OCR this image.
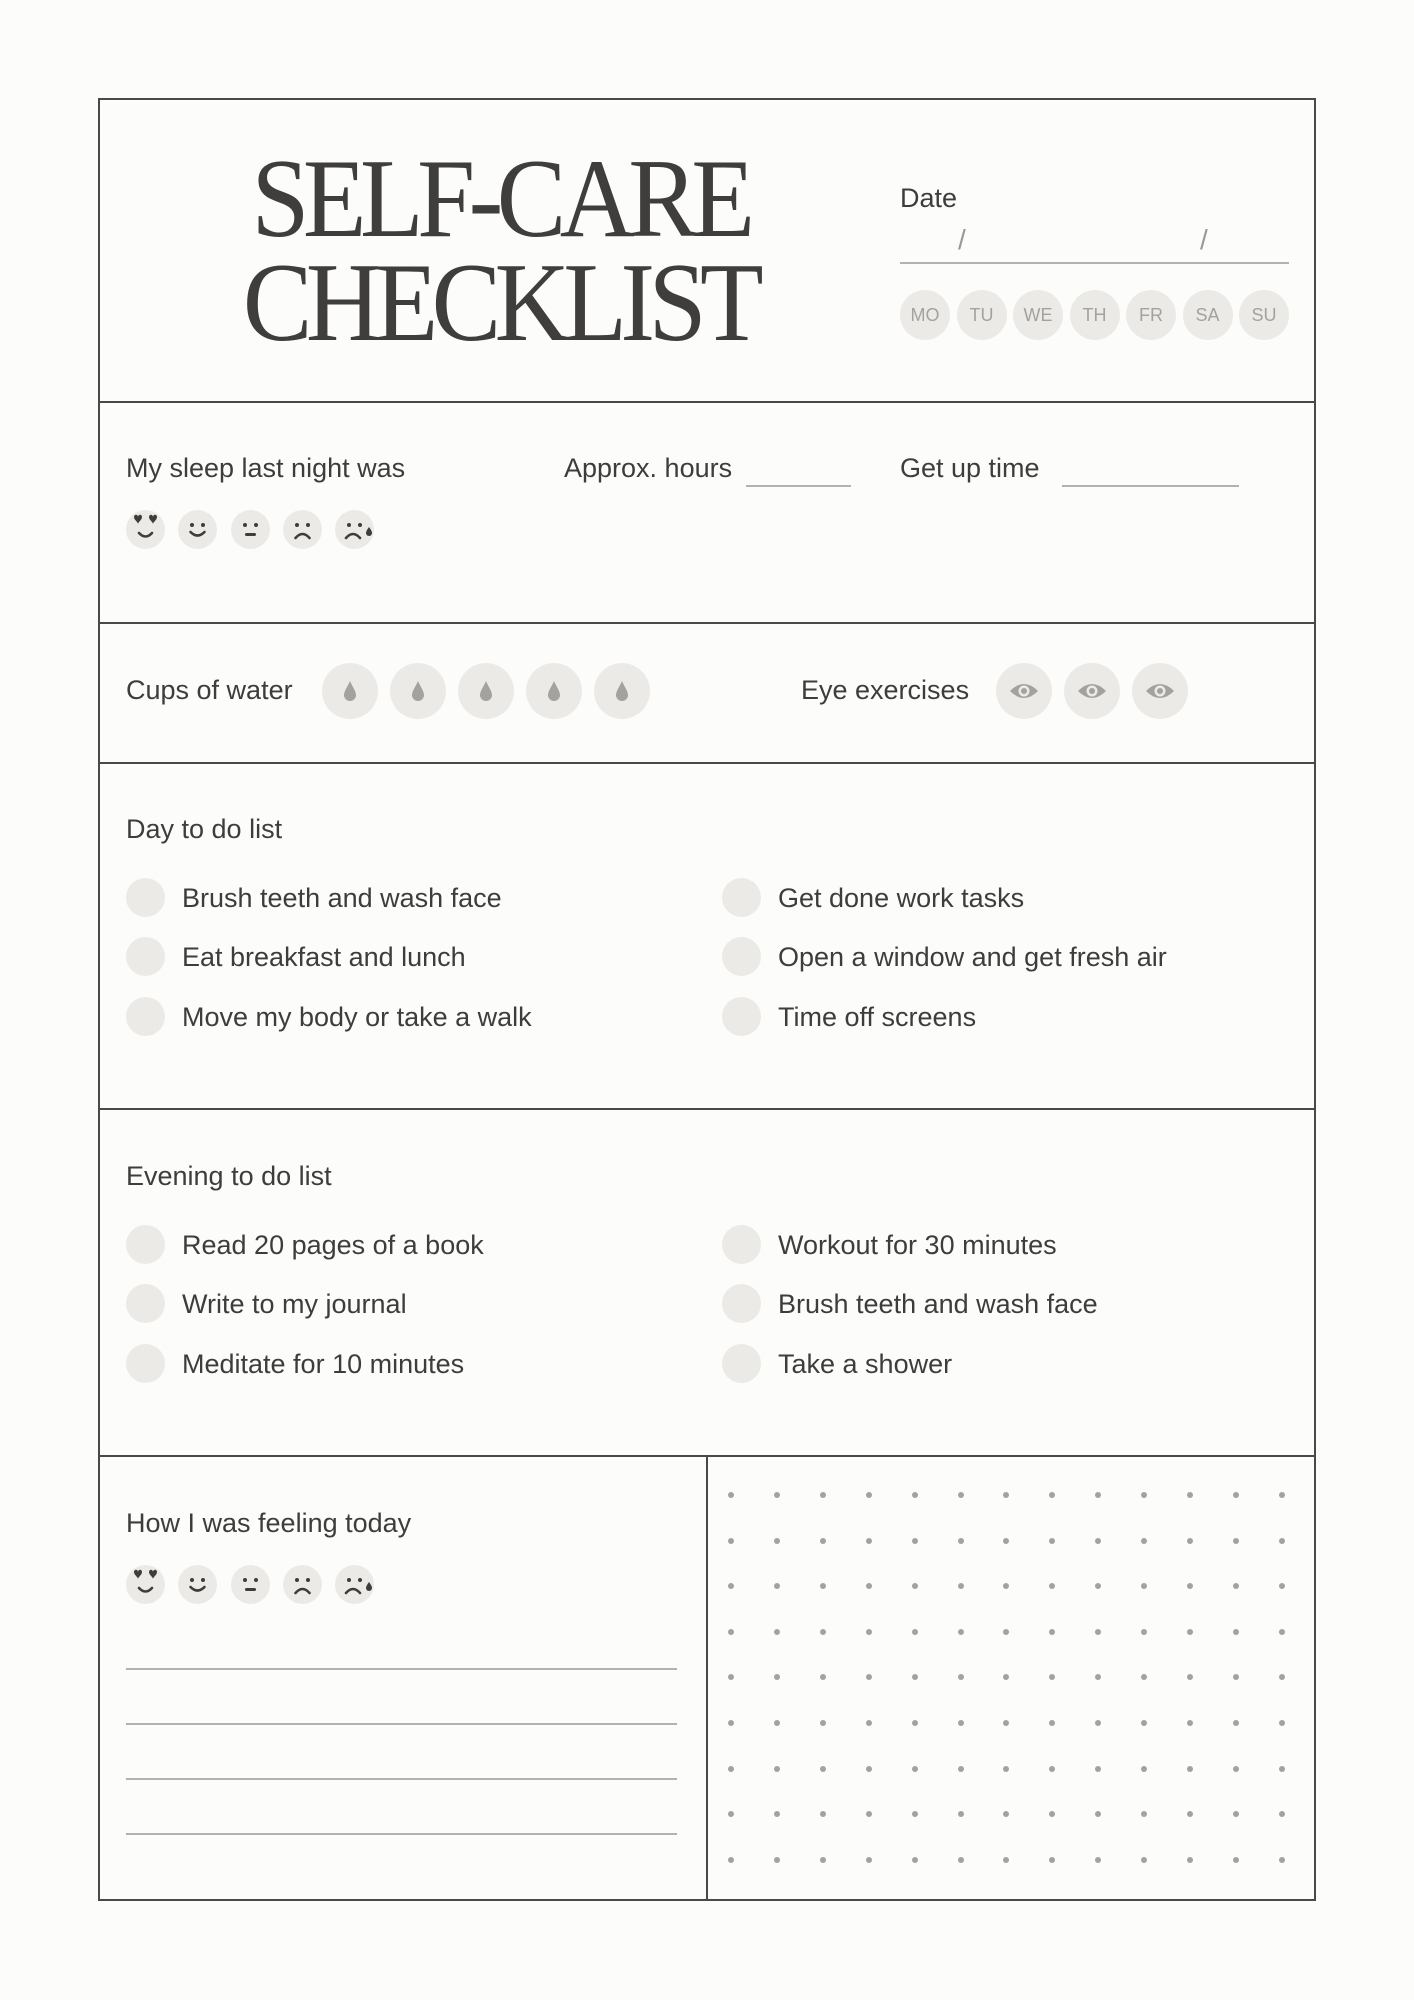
SELF-CARE
CHECKLIST
Date
/	/
MO	TU	WE	TH	FR	SA	SU
My sleep last night was	Approx. hours	Get up time
Cups of water	Eye exercises
Day to do list
Brush teeth and wash face
Eat breakfast and lunch
Move my body or take a walk
Get done work tasks
Open a window and get fresh air
Time off screens
Evening to do list
Read 20 pages of a book
Write to my journal
Meditate for 10 minutes
Workout for 30 minutes
Brush teeth and wash face
Take a shower
How I was feeling today
